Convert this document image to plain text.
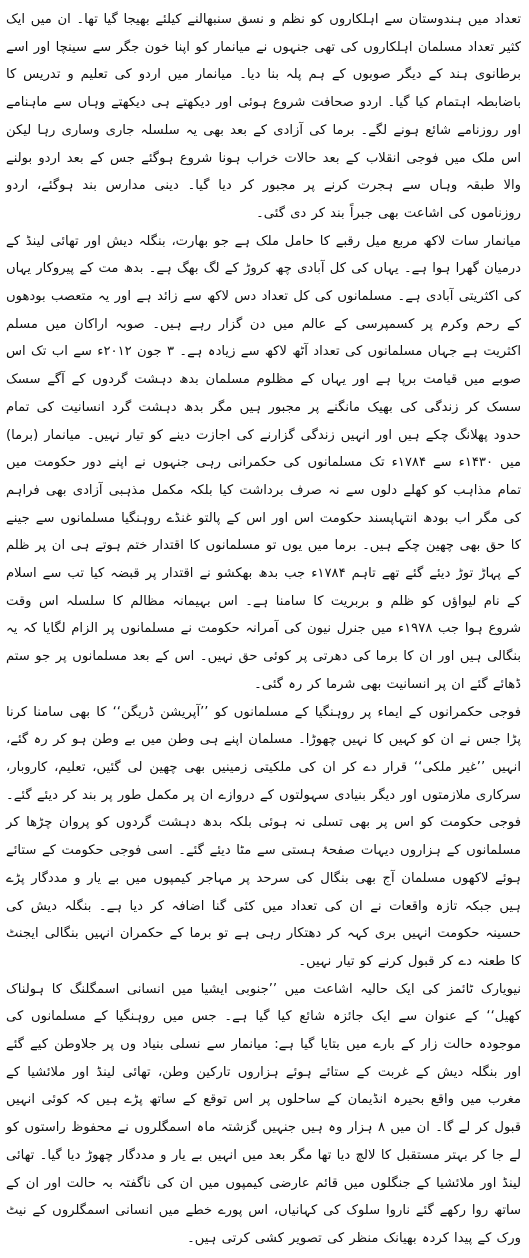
تعداد میں ہندوستان سے اہلکاروں کو نظم و نسق سنبھالنے کیلئے بھیجا گیا تھا۔ ان میں ایک کثیر تعداد مسلمان اہلکاروں کی تھی جنہوں نے میانمار کو اپنا خون جگر سے سینچا اور اسے برطانوی ہند کے دیگر صوبوں کے ہم پلہ بنا دیا۔ میانمار میں اردو کی تعلیم و تدریس کا باضابطہ اہتمام کیا گیا۔ اردو صحافت شروع ہوئی اور دیکھتے ہی دیکھتے وہاں سے ماہنامے اور روزنامے شائع ہونے لگے۔ برما کی آزادی کے بعد بھی یہ سلسلہ جاری وساری رہا لیکن اس ملک میں فوجی انقلاب کے بعد حالات خراب ہونا شروع ہوگئے جس کے بعد اردو بولنے والا طبقہ وہاں سے ہجرت کرنے پر مجبور کر دیا گیا۔ دینی مدارس بند ہوگئے، اردو روزناموں کی اشاعت بھی جبراً بند کر دی گئی۔

میانمار سات لاکھ مربع میل رقبے کا حامل ملک ہے جو بھارت، بنگلہ دیش اور تھائی لینڈ کے درمیان گھرا ہوا ہے۔ یہاں کی کل آبادی چھ کروڑ کے لگ بھگ ہے۔ بدھ مت کے پیروکار یہاں کی اکثریتی آبادی ہے۔ مسلمانوں کی کل تعداد دس لاکھ سے زائد ہے اور یہ متعصب بودھوں کے رحم وکرم پر کسمپرسی کے عالم میں دن گزار رہے ہیں۔ صوبہ اراکان میں مسلم اکثریت ہے جہاں مسلمانوں کی تعداد آٹھ لاکھ سے زیادہ ہے۔ ۳ جون ۲۰۱۲ء سے اب تک اس صوبے میں قیامت برپا ہے اور یہاں کے مظلوم مسلمان بدھ دہشت گردوں کے آگے سسک سسک کر زندگی کی بھیک مانگنے پر مجبور ہیں مگر بدھ دہشت گرد انسانیت کی تمام حدود پھلانگ چکے ہیں اور انہیں زندگی گزارنے کی اجازت دینے کو تیار نہیں۔ میانمار (برما) میں ۱۴۳۰ء سے ۱۷۸۴ء تک مسلمانوں کی حکمرانی رہی جنہوں نے اپنے دور حکومت میں تمام مذاہب کو کھلے دلوں سے نہ صرف برداشت کیا بلکہ مکمل مذہبی آزادی بھی فراہم کی مگر اب بودھ انتہاپسند حکومت اس اور اس کے پالتو غنڈے روہنگیا مسلمانوں سے جینے کا حق بھی چھین چکے ہیں۔ برما میں یوں تو مسلمانوں کا اقتدار ختم ہوتے ہی ان پر ظلم کے پہاڑ توڑ دیئے گئے تھے تاہم ۱۷۸۴ء جب بدھ بھکشو نے اقتدار پر قبضہ کیا تب سے اسلام کے نام لیواؤں کو ظلم و بربریت کا سامنا ہے۔ اس بہیمانہ مظالم کا سلسلہ اس وقت شروع ہوا جب ۱۹۷۸ء میں جنرل نیون کی آمرانہ حکومت نے مسلمانوں پر الزام لگایا کہ یہ بنگالی ہیں اور ان کا برما کی دھرتی پر کوئی حق نہیں۔ اس کے بعد مسلمانوں پر جو ستم ڈھائے گئے ان پر انسانیت بھی شرما کر رہ گئی۔

فوجی حکمرانوں کے ایماء پر روہنگیا کے مسلمانوں کو ’’آپریشن ڈریگن‘‘ کا بھی سامنا کرنا پڑا جس نے ان کو کہیں کا نہیں چھوڑا۔ مسلمان اپنے ہی وطن میں بے وطن ہو کر رہ گئے، انہیں ’’غیر ملکی‘‘ قرار دے کر ان کی ملکیتی زمینیں بھی چھین لی گئیں، تعلیم، کاروبار، سرکاری ملازمتوں اور دیگر بنیادی سہولتوں کے دروازے ان پر مکمل طور پر بند کر دیئے گئے۔ فوجی حکومت کو اس پر بھی تسلی نہ ہوئی بلکہ بدھ دہشت گردوں کو پروان چڑھا کر مسلمانوں کے ہزاروں دیہات صفحۂ ہستی سے مٹا دیئے گئے۔ اسی فوجی حکومت کے ستائے ہوئے لاکھوں مسلمان آج بھی بنگال کی سرحد پر مہاجر کیمپوں میں بے یار و مددگار پڑے ہیں جبکہ تازہ واقعات نے ان کی تعداد میں کئی گنا اضافہ کر دیا ہے۔ بنگلہ دیش کی حسینہ حکومت انہیں بری کہہ کر دھتکار رہی ہے تو برما کے حکمران انہیں بنگالی ایجنٹ کا طعنہ دے کر قبول کرنے کو تیار نہیں۔

نیویارک ٹائمز کی ایک حالیہ اشاعت میں ’’جنوبی ایشیا میں انسانی اسمگلنگ کا ہولناک کھیل‘‘ کے عنوان سے ایک جائزہ شائع کیا گیا ہے۔ جس میں روہنگیا کے مسلمانوں کی موجودہ حالت زار کے بارے میں بتایا گیا ہے: میانمار سے نسلی بنیاد وں پر جلاوطن کیے گئے اور بنگلہ دیش کے غربت کے ستائے ہوئے ہزاروں تارکین وطن، تھائی لینڈ اور ملائشیا کے مغرب میں واقع بحیرہ انڈیمان کے ساحلوں پر اس توقع کے ساتھ پڑے ہیں کہ کوئی انہیں قبول کر لے گا۔ ان میں ۸ ہزار وہ ہیں جنہیں گزشتہ ماہ اسمگلروں نے محفوظ راستوں کو لے جا کر بہتر مستقبل کا لالچ دیا تھا مگر بعد میں انہیں بے یار و مددگار چھوڑ دیا گیا۔ تھائی لینڈ اور ملائشیا کے جنگلوں میں قائم عارضی کیمپوں میں ان کی ناگفتہ بہ حالت اور ان کے ساتھ روا رکھے گئے ناروا سلوک کی کہانیاں، اس پورے خطے میں انسانی اسمگلروں کے نیٹ ورک کے پیدا کردہ بھیانک منظر کی تصویر کشی کرتی ہیں۔
